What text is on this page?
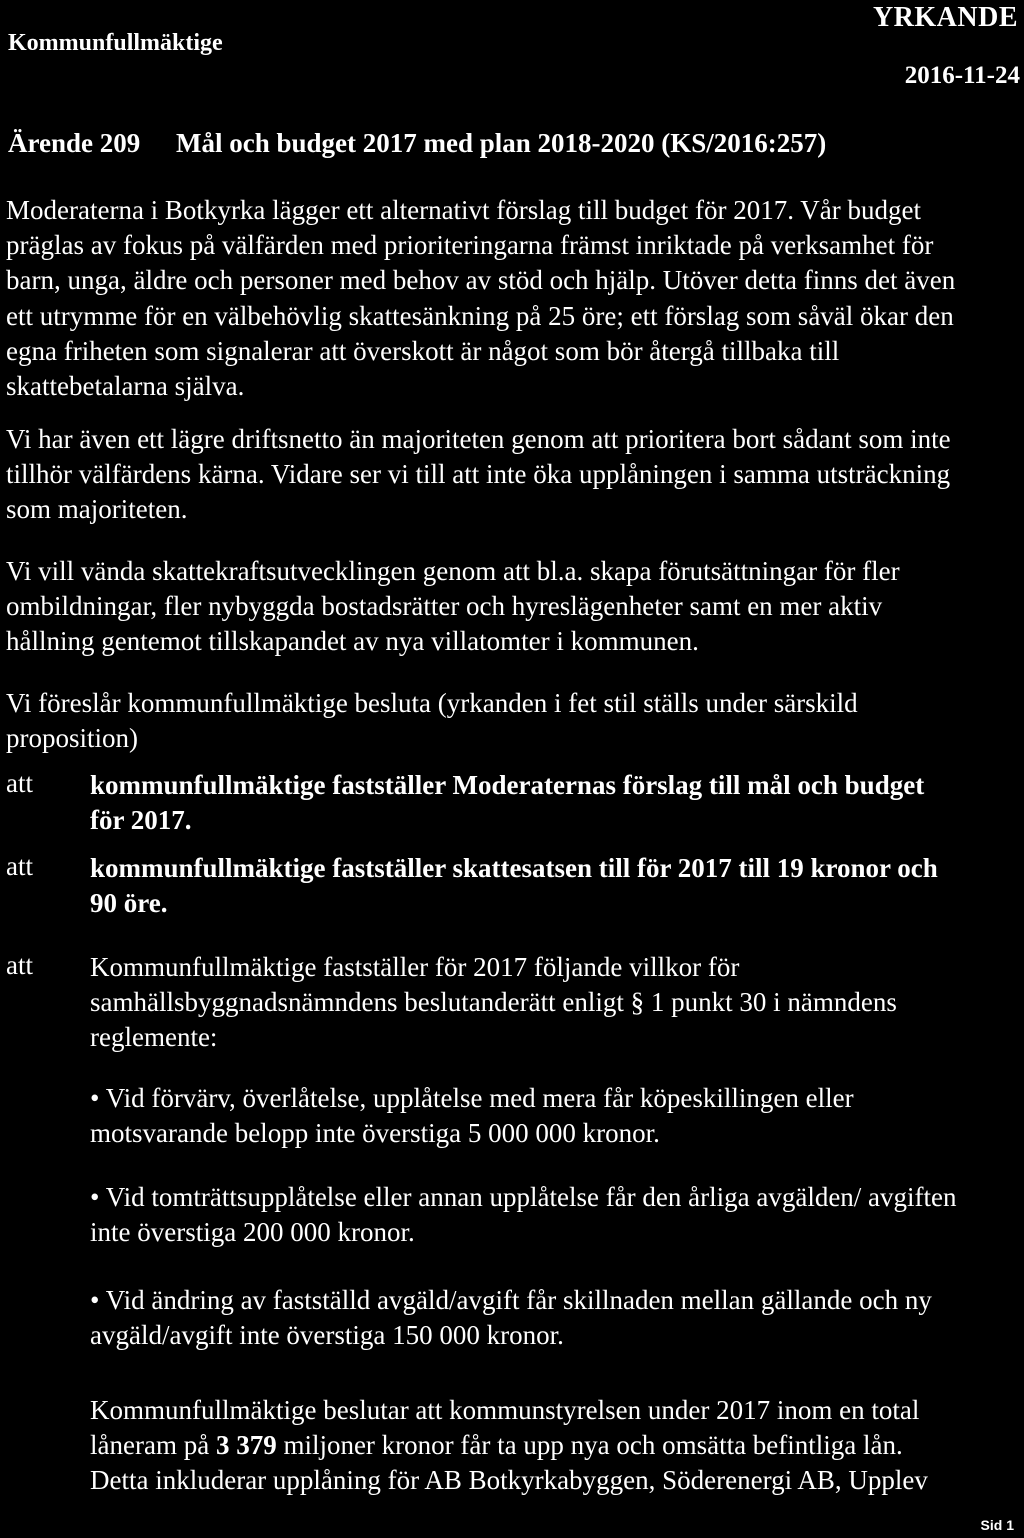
Kommunfullmäktige
YRKANDE
2016-11-24
Ärende 209 Mål och budget 2017 med plan 2018-2020 (KS/2016:257)
Moderaterna i Botkyrka lägger ett alternativt förslag till budget för 2017. Vår budget
präglas av fokus på välfärden med prioriteringarna främst inriktade på verksamhet för
barn, unga, äldre och personer med behov av stöd och hjälp. Utöver detta finns det även
ett utrymme för en välbehövlig skattesänkning på 25 öre; ett förslag som såväl ökar den
egna friheten som signalerar att överskott är något som bör återgå tillbaka till
skattebetalarna själva.
Vi har även ett lägre driftsnetto än majoriteten genom att prioritera bort sådant som inte
tillhör välfärdens kärna. Vidare ser vi till att inte öka upplåningen i samma utsträckning
som majoriteten.
Vi vill vända skattekraftsutvecklingen genom att bl.a. skapa förutsättningar för fler
ombildningar, fler nybyggda bostadsrätter och hyreslägenheter samt en mer aktiv
hållning gentemot tillskapandet av nya villatomter i kommunen.
Vi föreslår kommunfullmäktige besluta (yrkanden i fet stil ställs under särskild
proposition)
att kommunfullmäktige fastställer Moderaternas förslag till mål och budget
för 2017.
att kommunfullmäktige fastställer skattesatsen till för 2017 till 19 kronor och
90 öre.
att Kommunfullmäktige fastställer för 2017 följande villkor för
samhällsbyggnadsnämndens beslutanderätt enligt § 1 punkt 30 i nämndens
reglemente:
• Vid förvärv, överlåtelse, upplåtelse med mera får köpeskillingen eller
motsvarande belopp inte överstiga 5 000 000 kronor.
• Vid tomträttsupplåtelse eller annan upplåtelse får den årliga avgälden/ avgiften
inte överstiga 200 000 kronor.
• Vid ändring av fastställd avgäld/avgift får skillnaden mellan gällande och ny
avgäld/avgift inte överstiga 150 000 kronor.
Kommunfullmäktige beslutar att kommunstyrelsen under 2017 inom en total
låneram på 3 379 miljoner kronor får ta upp nya och omsätta befintliga lån.
Detta inkluderar upplåning för AB Botkyrkabyggen, Söderenergi AB, Upplev
Sid 1
